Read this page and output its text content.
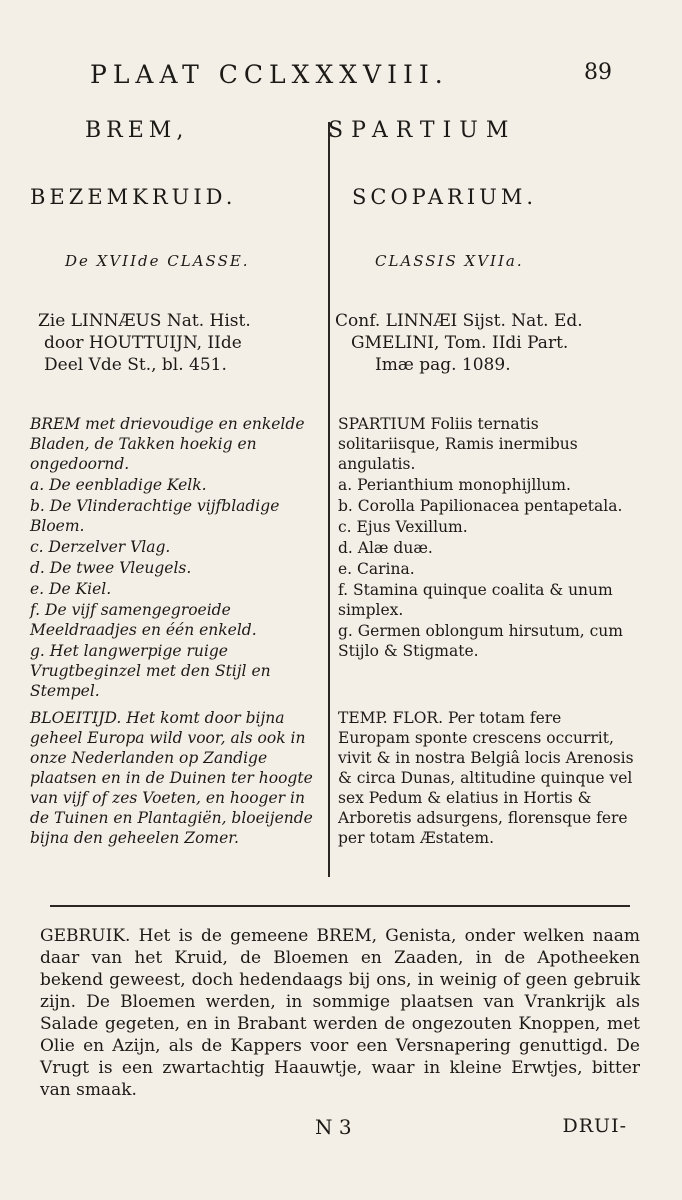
PLAAT CCLXXXVIII.	89
BREM,
BEZEMKRUID.
De XVIIde CLASSE.
Zie LINNÆUS Nat. Hist.
door HOUTTUIJN, IIde
Deel Vde St., bl. 451.
BREM met drievoudige en enkelde Bladen, de Takken hoekig en ongedoornd.
a. De eenbladige Kelk.
b. De Vlinderachtige vijfbladige Bloem.
c. Derzelver Vlag.
d. De twee Vleugels.
e. De Kiel.
f. De vijf samengegroeide Meeldraadjes en één enkeld.
g. Het langwerpige ruige Vrugtbeginzel met den Stijl en Stempel.
BLOEITIJD. Het komt door bijna geheel Europa wild voor, als ook in onze Nederlanden op Zandige plaatsen en in de Duinen ter hoogte van vijf of zes Voeten, en hooger in de Tuinen en Plantagiën, bloeijende bijna den geheelen Zomer.
SPARTIUM
SCOPARIUM.
CLASSIS XVIIa.
Conf. LINNÆI Sijst. Nat. Ed.
GMELINI, Tom. IIdi Part.
Imæ pag. 1089.
SPARTIUM Foliis ternatis solitariisque, Ramis inermibus angulatis.
a. Perianthium monophijllum.
b. Corolla Papilionacea pentapetala.
c. Ejus Vexillum.
d. Alæ duæ.
e. Carina.
f. Stamina quinque coalita & unum simplex.
g. Germen oblongum hirsutum, cum Stijlo & Stigmate.
TEMP. FLOR. Per totam fere Europam sponte crescens occurrit, vivit & in nostra Belgiâ locis Arenosis & circa Dunas, altitudine quinque vel sex Pedum & elatius in Hortis & Arboretis adsurgens, florensque fere per totam Æstatem.
GEBRUIK. Het is de gemeene BREM, Genista, onder welken naam daar van het Kruid, de Bloemen en Zaaden, in de Apotheeken bekend geweest, doch hedendaags bij ons, in weinig of geen gebruik zijn. De Bloemen werden, in sommige plaatsen van Vrankrijk als Salade gegeten, en in Brabant werden de ongezouten Knoppen, met Olie en Azijn, als de Kappers voor een Versnapering genuttigd. De Vrugt is een zwartachtig Haauwtje, waar in kleine Erwtjes, bitter van smaak.
N 3	DRUI-
